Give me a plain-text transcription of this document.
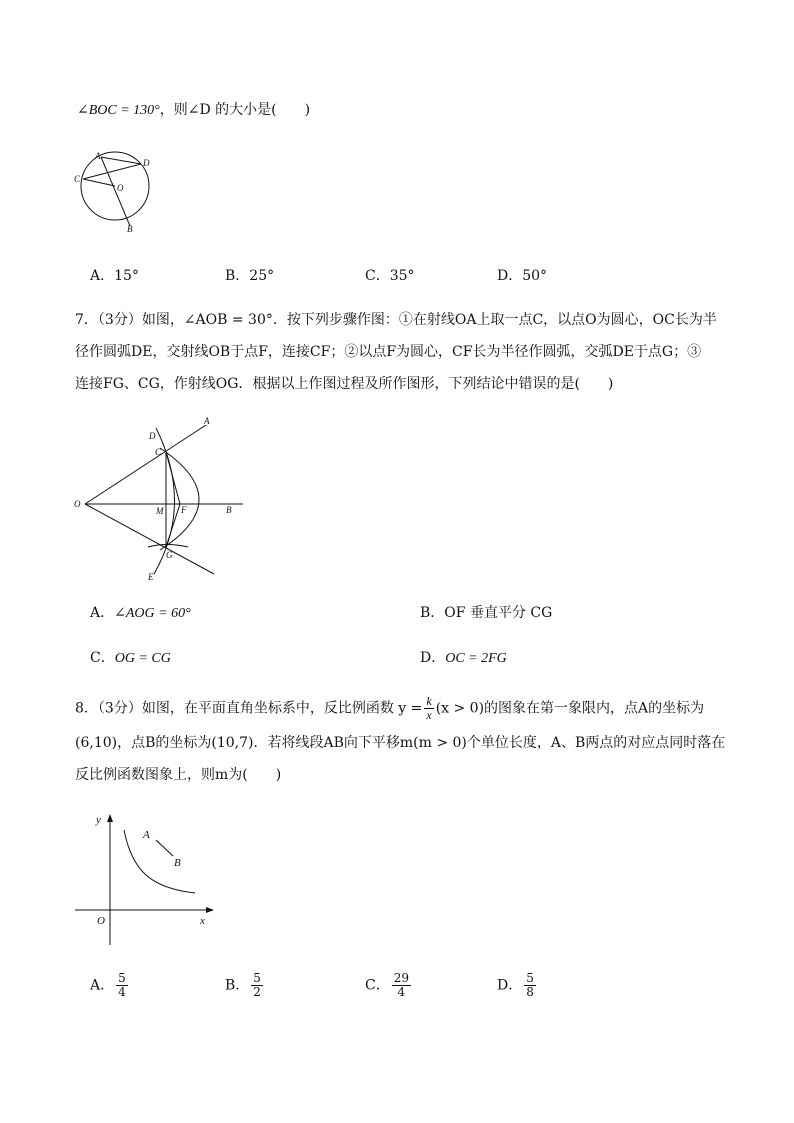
∠BOC = 130°，则∠D 的大小是(　　)
A
D
C
O
B
A．15°	B．25°	C．35°	D．50°
7．（3分）如图，∠AOB = 30°．按下列步骤作图：①在射线OA上取一点C，以点O为圆心，OC长为半
径作圆弧DE，交射线OB于点F，连接CF；②以点F为圆心，CF长为半径作圆弧，交弧DE于点G；③
连接FG、CG，作射线OG．根据以上作图过程及所作图形，下列结论中错误的是(　　)
D
A
C
O
M F	B
G
E
A．∠AOG = 60°	B．OF 垂直平分 CG
C．OG = CG	D．OC = 2FG
8．（3分）如图，在平面直角坐标系中，反比例函数 $y = \frac{k}{x} (x > 0)$的图象在第一象限内，点A的坐标为
(6,10)，点B的坐标为(10,7)．若将线段AB向下平移m(m > 0)个单位长度，A、B两点的对应点同时落在
反比例函数图象上，则m为(　　)
y
A
B
O	x
A． $\frac{5}{4}$	B． $\frac{5}{2}$	C． $\frac{29}{4}$	D． $\frac{5}{8}$
